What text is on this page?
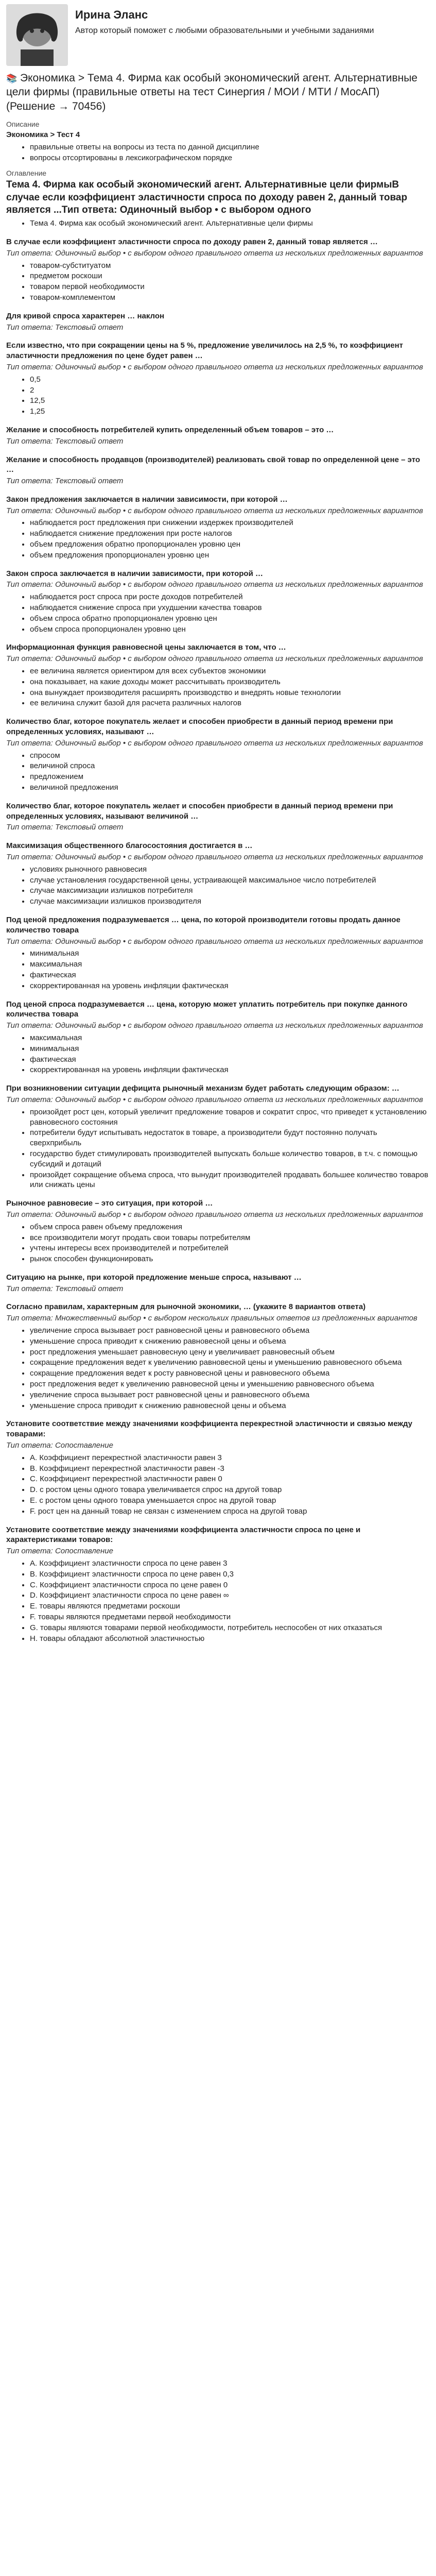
Ирина Эланс
Автор который поможет с любыми образовательными и учебными заданиями
📚 Экономика > Тема 4. Фирма как особый экономический агент. Альтернативные цели фирмы (правильные ответы на тест Синергия / МОИ / МТИ / МосАП) (Решение → 70456)
Описание
Экономика > Тест 4
• правильные ответы на вопросы из теста по данной дисциплине
• вопросы отсортированы в лексикографическом порядке
Оглавление
Тема 4. Фирма как особый экономический агент. Альтернативные цели фирмыВ случае если коэффициент эластичности спроса по доходу равен 2, данный товар является ...Тип ответа: Одиночный выбор • с выбором одного
• Тема 4. Фирма как особый экономический агент. Альтернативные цели фирмы
В случае если коэффициент эластичности спроса по доходу равен 2, данный товар является …
Тип ответа: Одиночный выбор • с выбором одного правильного ответа из нескольких предложенных вариантов
• товаром-субституатом
• предметом роскоши
• товаром первой необходимости
• товаром-комплементом
Для кривой спроса характерен … наклон
Тип ответа: Текстовый ответ
Если известно, что при сокращении цены на 5 %, предложение увеличилось на 2,5 %, то коэффициент эластичности предложения по цене будет равен …
Тип ответа: Одиночный выбор • с выбором одного правильного ответа из нескольких предложенных вариантов
• 0,5
• 2
• 12,5
• 1,25
Желание и способность потребителей купить определенный объем товаров – это …
Тип ответа: Текстовый ответ
Желание и способность продавцов (производителей) реализовать свой товар по определенной цене – это …
Тип ответа: Текстовый ответ
Закон предложения заключается в наличии зависимости, при которой …
Тип ответа: Одиночный выбор • с выбором одного правильного ответа из нескольких предложенных вариантов
• наблюдается рост предложения при снижении издержек производителей
• наблюдается снижение предложения при росте налогов
• объем предложения обратно пропорционален уровню цен
• объем предложения пропорционален уровню цен
Закон спроса заключается в наличии зависимости, при которой …
Тип ответа: Одиночный выбор • с выбором одного правильного ответа из нескольких предложенных вариантов
• наблюдается рост спроса при росте доходов потребителей
• наблюдается снижение спроса при ухудшении качества товаров
• объем спроса обратно пропорционален уровню цен
• объем спроса пропорционален уровню цен
Информационная функция равновесной цены заключается в том, что …
Тип ответа: Одиночный выбор • с выбором одного правильного ответа из нескольких предложенных вариантов
• ее величина является ориентиром для всех субъектов экономики
• она показывает, на какие доходы может рассчитывать производитель
• она вынуждает производителя расширять производство и внедрять новые технологии
• ее величина служит базой для расчета различных налогов
Количество благ, которое покупатель желает и способен приобрести в данный период времени при определенных условиях, называют …
Тип ответа: Одиночный выбор • с выбором одного правильного ответа из нескольких предложенных вариантов
• спросом
• величиной спроса
• предложением
• величиной предложения
Количество благ, которое покупатель желает и способен приобрести в данный период времени при определенных условиях, называют величиной …
Тип ответа: Текстовый ответ
Максимизация общественного благосостояния достигается в …
Тип ответа: Одиночный выбор • с выбором одного правильного ответа из нескольких предложенных вариантов
• условиях рыночного равновесия
• случае установления государственной цены, устраивающей максимальное число потребителей
• случае максимизации излишков потребителя
• случае максимизации излишков производителя
Под ценой предложения подразумевается … цена, по которой производители готовы продать данное количество товара
Тип ответа: Одиночный выбор • с выбором одного правильного ответа из нескольких предложенных вариантов
• минимальная
• максимальная
• фактическая
• скорректированная на уровень инфляции фактическая
Под ценой спроса подразумевается … цена, которую может уплатить потребитель при покупке данного количества товара
Тип ответа: Одиночный выбор • с выбором одного правильного ответа из нескольких предложенных вариантов
• максимальная
• минимальная
• фактическая
• скорректированная на уровень инфляции фактическая
При возникновении ситуации дефицита рыночный механизм будет работать следующим образом: …
Тип ответа: Одиночный выбор • с выбором одного правильного ответа из нескольких предложенных вариантов
• произойдет рост цен, который увеличит предложение товаров и сократит спрос, что приведет к установлению равновесного состояния
• потребители будут испытывать недостаток в товаре, а производители будут постоянно получать сверхприбыль
• государство будет стимулировать производителей выпускать больше количество товаров, в т.ч. с помощью субсидий и дотаций
• произойдет сокращение объема спроса, что вынудит производителей продавать большее количество товаров или снижать цены
Рыночное равновесие – это ситуация, при которой …
Тип ответа: Одиночный выбор • с выбором одного правильного ответа из нескольких предложенных вариантов
• объем спроса равен объему предложения
• все производители могут продать свои товары потребителям
• учтены интересы всех производителей и потребителей
• рынок способен функционировать
Ситуацию на рынке, при которой предложение меньше спроса, называют …
Тип ответа: Текстовый ответ
Согласно правилам, характерным для рыночной экономики, … (укажите 8 вариантов ответа)
Тип ответа: Множественный выбор • с выбором нескольких правильных ответов из предложенных вариантов
• увеличение спроса вызывает рост равновесной цены и равновесного объема
• уменьшение спроса приводит к снижению равновесной цены и объема
• рост предложения уменьшает равновесную цену и увеличивает равновесный объем
• сокращение предложения ведет к увеличению равновесной цены и уменьшению равновесного объема
• сокращение предложения ведет к росту равновесной цены и равновесного объема
• рост предложения ведет к увеличению равновесной цены и уменьшению равновесного объема
• увеличение спроса вызывает рост равновесной цены и равновесного объема
• уменьшение спроса приводит к снижению равновесной цены и объема
Установите соответствие между значениями коэффициента перекрестной эластичности и связью между товарами:
Тип ответа: Сопоставление
• A. Коэффициент перекрестной эластичности равен 3
• B. Коэффициент перекрестной эластичности равен -3
• C. Коэффициент перекрестной эластичности равен 0
• D. с ростом цены одного товара увеличивается спрос на другой товар
• E. с ростом цены одного товара уменьшается спрос на другой товар
• F. рост цен на данный товар не связан с изменением спроса на другой товар
Установите соответствие между значениями коэффициента эластичности спроса по цене и характеристиками товаров:
Тип ответа: Сопоставление
• A. Коэффициент эластичности спроса по цене равен 3
• B. Коэффициент эластичности спроса по цене равен 0,3
• C. Коэффициент эластичности спроса по цене равен 0
• D. Коэффициент эластичности спроса по цене равен ∞
• E. товары являются предметами роскоши
• F. товары являются предметами первой необходимости
• G. товары являются товарами первой необходимости, потребитель неспособен от них отказаться
• H. товары обладают абсолютной эластичностью
